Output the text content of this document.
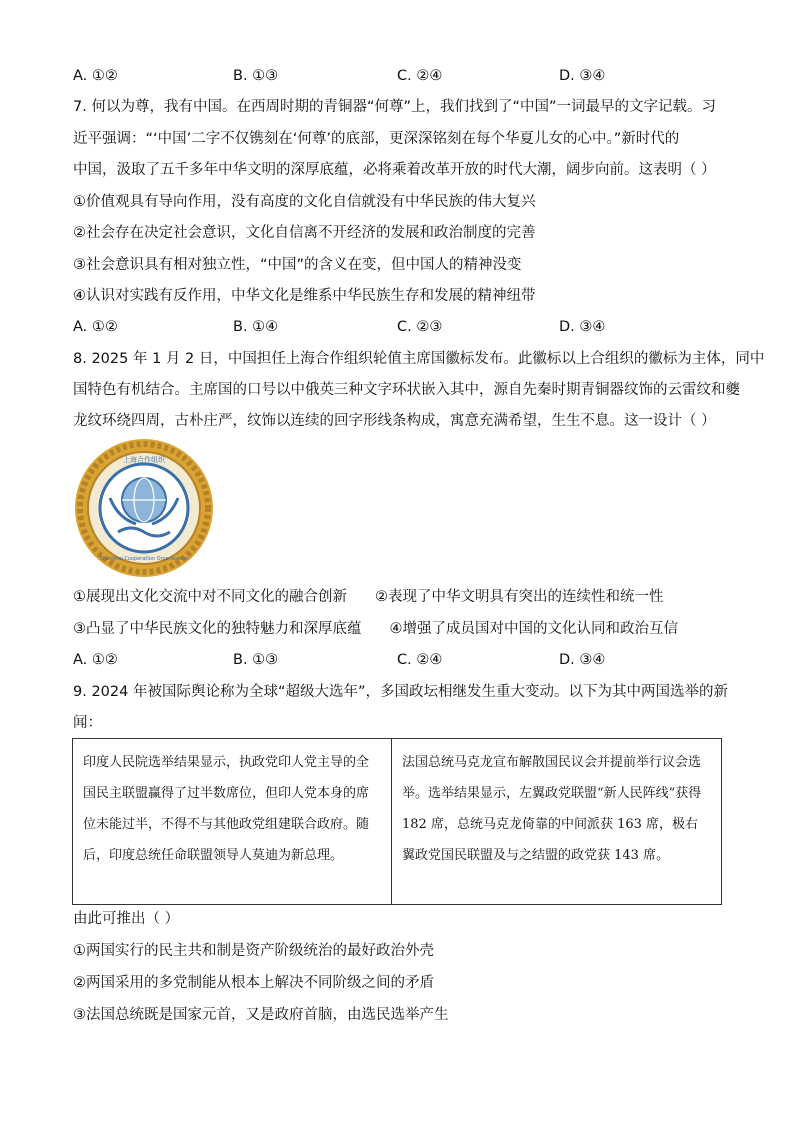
A. ①②	B. ①③	C. ②④	D. ③④
7. 何以为尊，我有中国。在西周时期的青铜器“何尊”上，我们找到了“中国”一词最早的文字记载。习
近平强调：“‘中国’二字不仅镌刻在‘何尊’的底部，更深深铭刻在每个华夏儿女的心中。”新时代的
中国，汲取了五千多年中华文明的深厚底蕴，必将乘着改革开放的时代大潮，阔步向前。这表明（ ）
①价值观具有导向作用，没有高度的文化自信就没有中华民族的伟大复兴
②社会存在决定社会意识，文化自信离不开经济的发展和政治制度的完善
③社会意识具有相对独立性，“中国”的含义在变，但中国人的精神没变
④认识对实践有反作用，中华文化是维系中华民族生存和发展的精神纽带
A. ①②	B. ①④	C. ②③	D. ③④
8. 2025 年 1 月 2 日，中国担任上海合作组织轮值主席国徽标发布。此徽标以上合组织的徽标为主体，同中
国特色有机结合。主席国的口号以中俄英三种文字环状嵌入其中，源自先秦时期青铜器纹饰的云雷纹和夔
龙纹环绕四周，古朴庄严，纹饰以连续的回字形线条构成，寓意充满希望，生生不息。这一设计（ ）
上海合作组织
Shanghai Cooperation Organisation
①展现出文化交流中对不同文化的融合创新 ②表现了中华文明具有突出的连续性和统一性
③凸显了中华民族文化的独特魅力和深厚底蕴 ④增强了成员国对中国的文化认同和政治互信
A. ①②	B. ①③	C. ②④	D. ③④
9. 2024 年被国际舆论称为全球“超级大选年”，多国政坛相继发生重大变动。以下为其中两国选举的新
闻：
印度人民院选举结果显示，执政党印人党主导的全国民主联盟赢得了过半数席位，但印人党本身的席位未能过半，不得不与其他政党组建联合政府。随后，印度总统任命联盟领导人莫迪为新总理。	法国总统马克龙宣布解散国民议会并提前举行议会选举。选举结果显示，左翼政党联盟“新人民阵线”获得 182 席，总统马克龙倚靠的中间派获 163 席，极右翼政党国民联盟及与之结盟的政党获 143 席。
由此可推出（ ）
①两国实行的民主共和制是资产阶级统治的最好政治外壳
②两国采用的多党制能从根本上解决不同阶级之间的矛盾
③法国总统既是国家元首，又是政府首脑，由选民选举产生
